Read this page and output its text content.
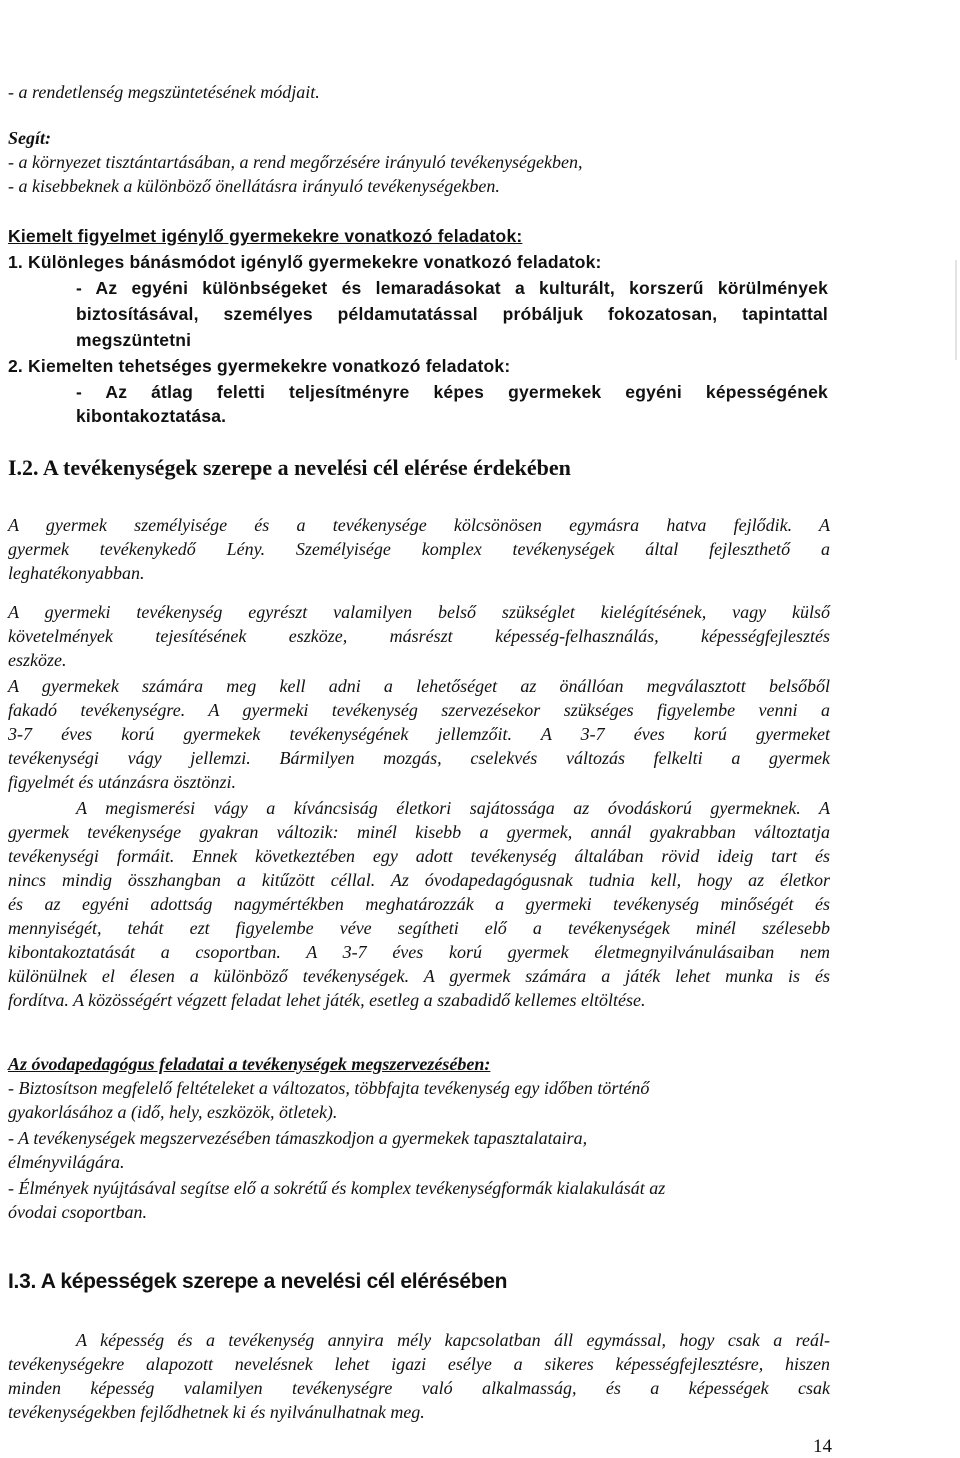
- a rendetlenség megszüntetésének módjait.
Segít:
- a környezet tisztántartásában, a rend megőrzésére irányuló tevékenységekben,
- a kisebbeknek a különböző önellátásra irányuló tevékenységekben.
Kiemelt figyelmet igénylő gyermekekre vonatkozó feladatok:
1. Különleges bánásmódot igénylő gyermekekre vonatkozó feladatok:
- Az egyéni különbségeket és lemaradásokat a kulturált, korszerű körülmények
biztosításával, személyes példamutatással próbáljuk fokozatosan, tapintattal
megszüntetni
2. Kiemelten tehetséges gyermekekre vonatkozó feladatok:
- Az átlag feletti teljesítményre képes gyermekek egyéni képességének
kibontakoztatása.
I.2. A tevékenységek szerepe a nevelési cél elérése érdekében
A gyermek személyisége és a tevékenysége kölcsönösen egymásra hatva fejlődik. A
gyermek tevékenykedő Lény. Személyisége komplex tevékenységek által fejleszthető a
leghatékonyabban.
A gyermeki tevékenység egyrészt valamilyen belső szükséglet kielégítésének, vagy külső
követelmények tejesítésének eszköze, másrészt képesség-felhasználás, képességfejlesztés
eszköze.
A gyermekek számára meg kell adni a lehetőséget az önállóan megválasztott belsőből
fakadó tevékenységre. A gyermeki tevékenység szervezésekor szükséges figyelembe venni a
3-7 éves korú gyermekek tevékenységének jellemzőit. A 3-7 éves korú gyermeket
tevékenységi vágy jellemzi. Bármilyen mozgás, cselekvés változás felkelti a gyermek
figyelmét és utánzásra ösztönzi.
A megismerési vágy a kíváncsiság életkori sajátossága az óvodáskorú gyermeknek. A
gyermek tevékenysége gyakran változik: minél kisebb a gyermek, annál gyakrabban változtatja
tevékenységi formáit. Ennek következtében egy adott tevékenység általában rövid ideig tart és
nincs mindig összhangban a kitűzött céllal. Az óvodapedagógusnak tudnia kell, hogy az életkor
és az egyéni adottság nagymértékben meghatározzák a gyermeki tevékenység minőségét és
mennyiségét, tehát ezt figyelembe véve segítheti elő a tevékenységek minél szélesebb
kibontakoztatását a csoportban. A 3-7 éves korú gyermek életmegnyilvánulásaiban nem
különülnek el élesen a különböző tevékenységek. A gyermek számára a játék lehet munka is és
fordítva. A közösségért végzett feladat lehet játék, esetleg a szabadidő kellemes eltöltése.
Az óvodapedagógus feladatai a tevékenységek megszervezésében:
- Biztosítson megfelelő feltételeket a változatos, többfajta tevékenység egy időben történő
gyakorlásához a (idő, hely, eszközök, ötletek).
- A tevékenységek megszervezésében támaszkodjon a gyermekek tapasztalataira,
élményvilágára.
- Élmények nyújtásával segítse elő a sokrétű és komplex tevékenységformák kialakulását az
óvodai csoportban.
I.3. A képességek szerepe a nevelési cél elérésében
A képesség és a tevékenység annyira mély kapcsolatban áll egymással, hogy csak a reál-
tevékenységekre alapozott nevelésnek lehet igazi esélye a sikeres képességfejlesztésre, hiszen
minden képesség valamilyen tevékenységre való alkalmasság, és a képességek csak
tevékenységekben fejlődhetnek ki és nyilvánulhatnak meg.
14
